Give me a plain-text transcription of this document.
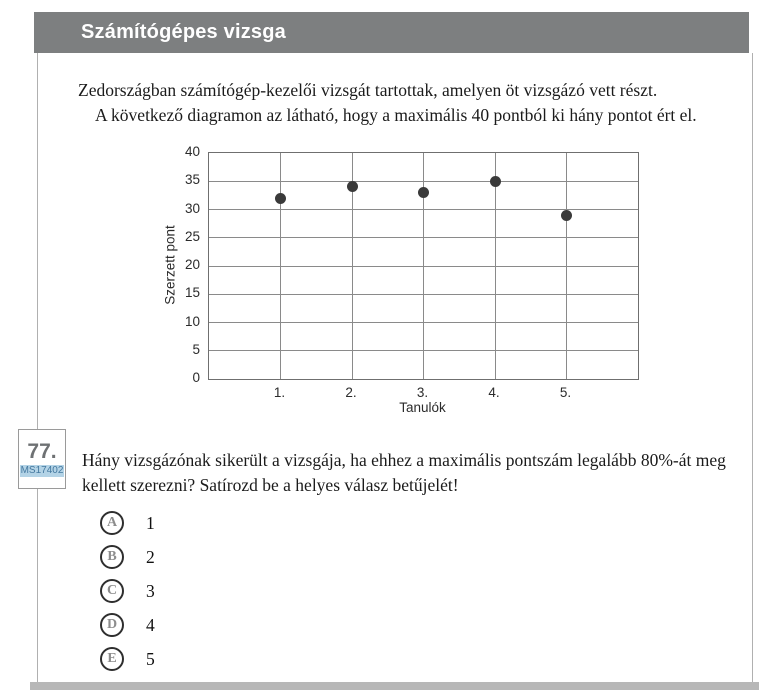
Számítógépes vizsga
Zedországban számítógép-kezelői vizsgát tartottak, amelyen öt vizsgázó vett részt.
A következő diagramon az látható, hogy a maximális 40 pontból ki hány pontot ért el.
Szerzett pont
Tanulók
0
5
10
15
20
25
30
35
40
1.	2.	3.	4.	5.
77.
MS17402
Hány vizsgázónak sikerült a vizsgája, ha ehhez a maximális pontszám legalább 80%-át meg kellett szerezni? Satírozd be a helyes válasz betűjelét!
A 1
B 2
C 3
D 4
E 5
